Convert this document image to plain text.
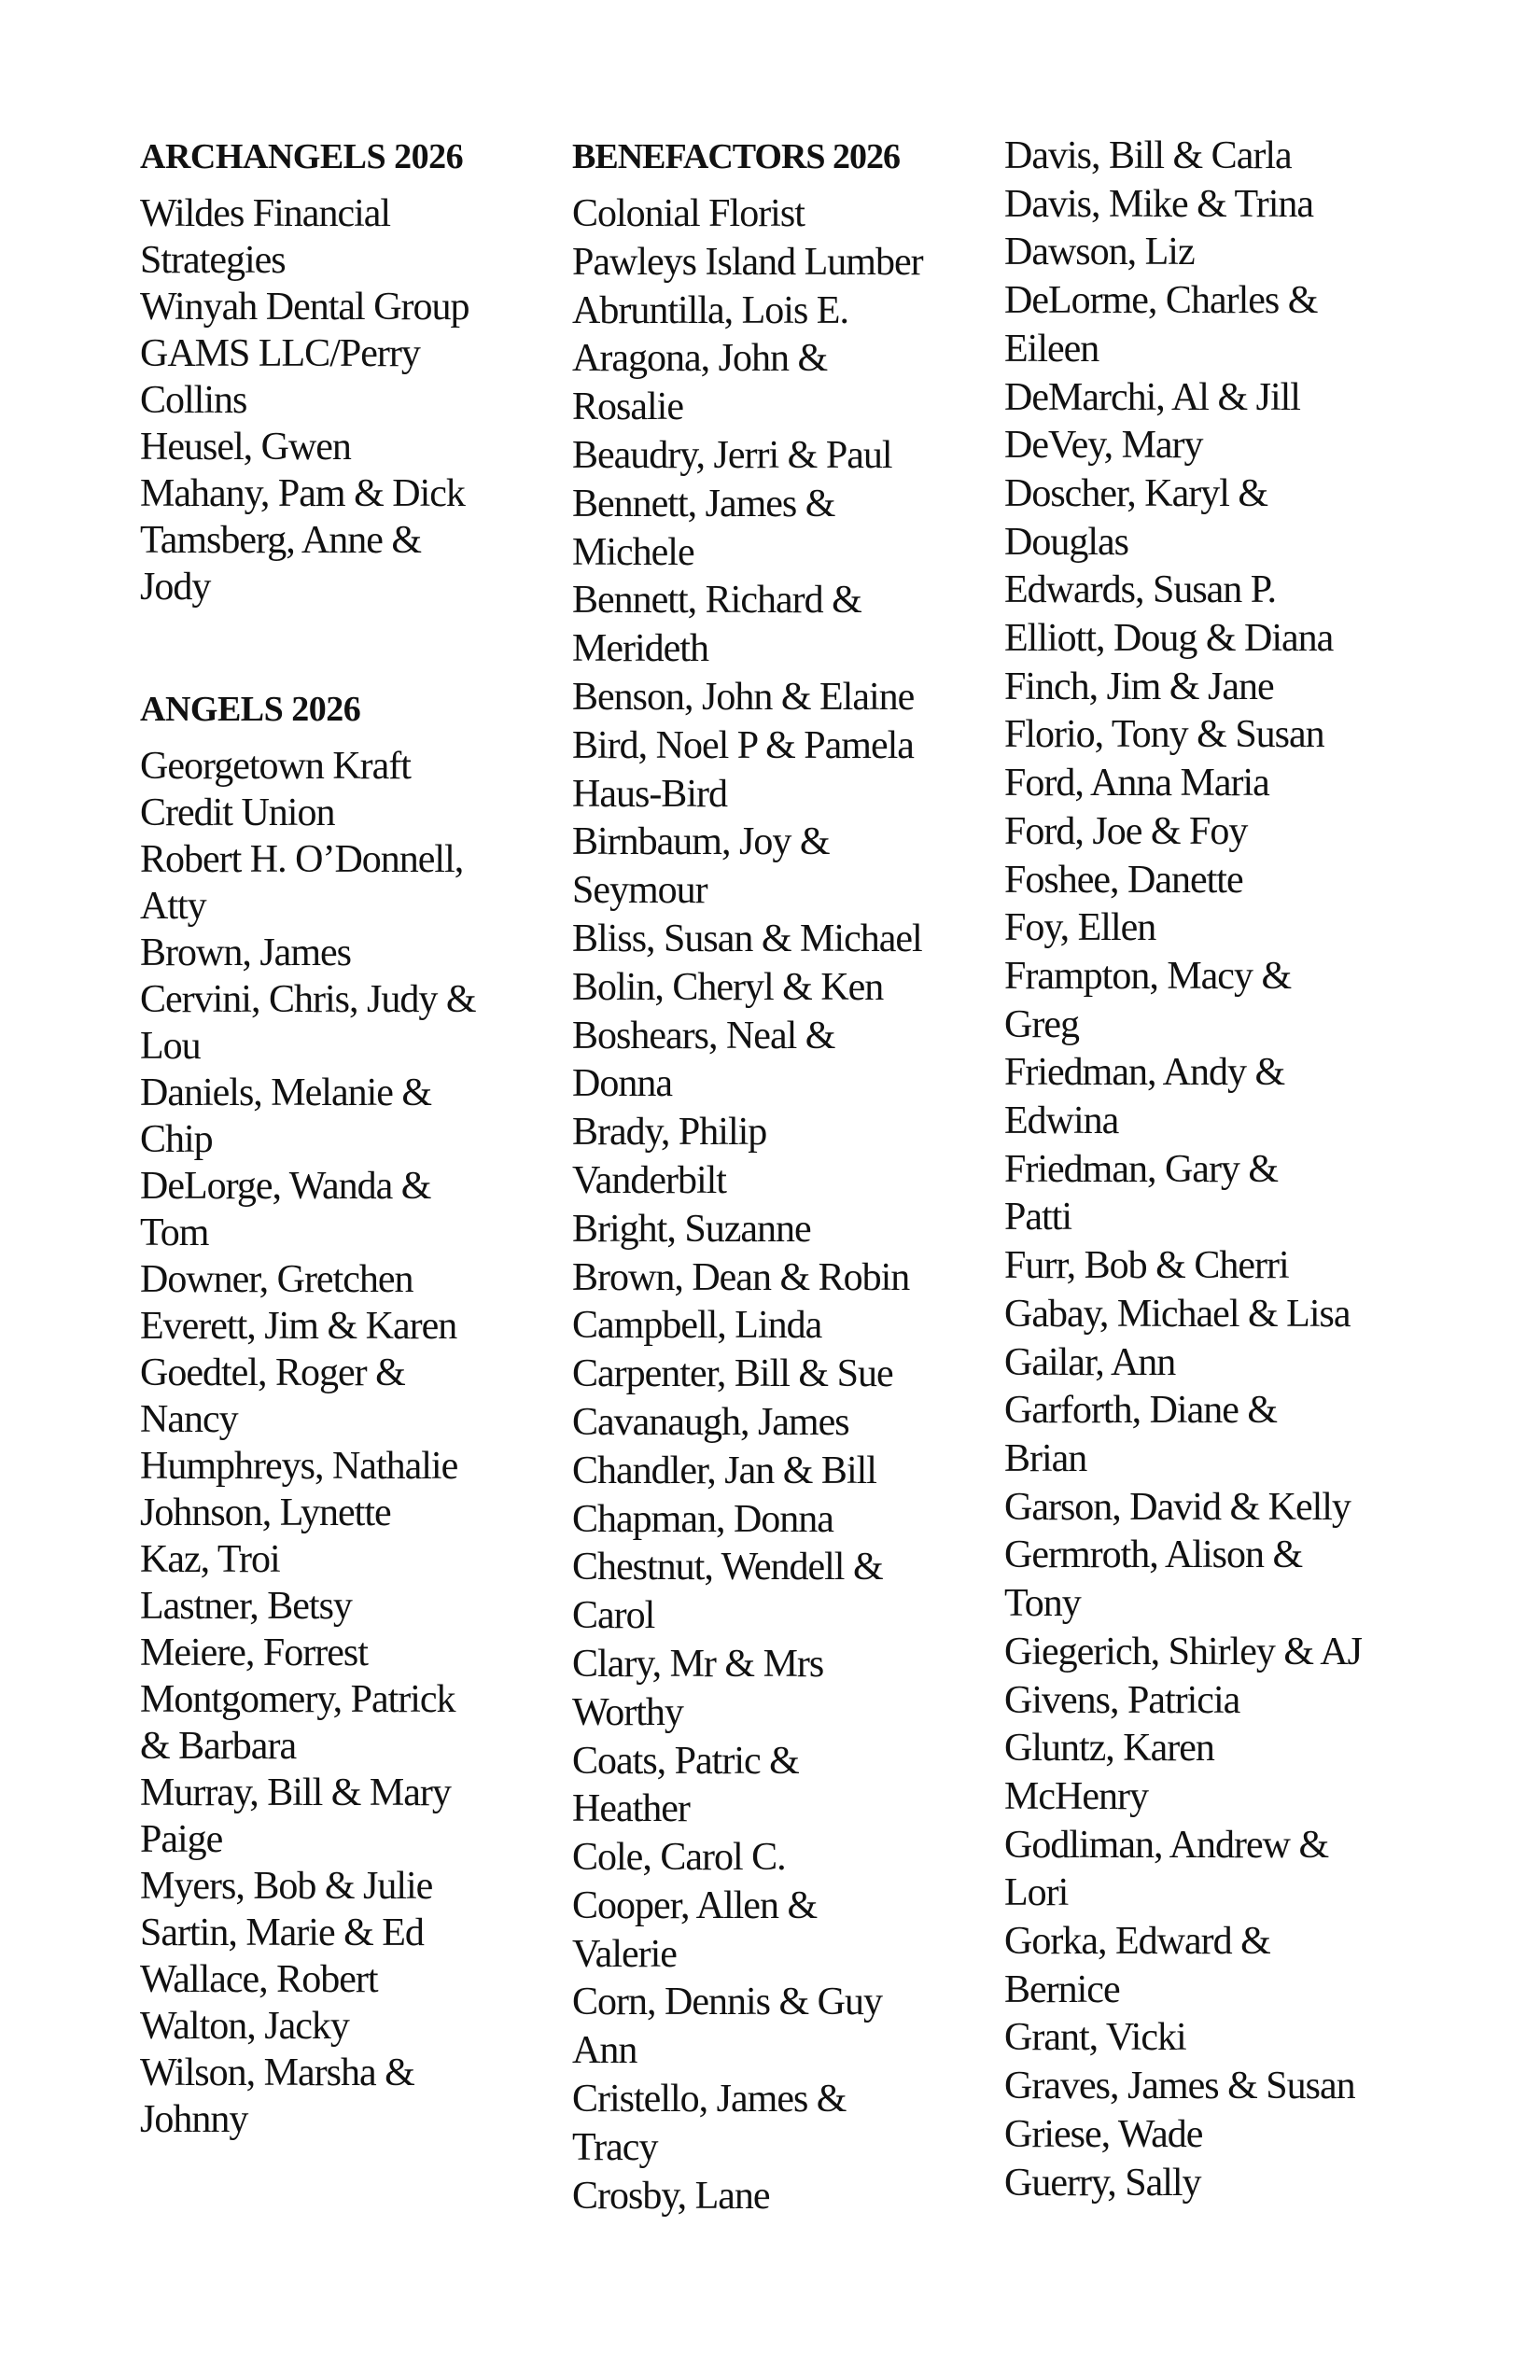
ARCHANGELS 2026
Wildes Financial
Strategies
Winyah Dental Group
GAMS LLC/Perry
Collins
Heusel, Gwen
Mahany, Pam & Dick
Tamsberg, Anne &
Jody
ANGELS 2026
Georgetown Kraft
Credit Union
Robert H. O’Donnell,
Atty
Brown, James
Cervini, Chris, Judy &
Lou
Daniels, Melanie &
Chip
DeLorge, Wanda &
Tom
Downer, Gretchen
Everett, Jim & Karen
Goedtel, Roger &
Nancy
Humphreys, Nathalie
Johnson, Lynette
Kaz, Troi
Lastner, Betsy
Meiere, Forrest
Montgomery, Patrick
& Barbara
Murray, Bill & Mary
Paige
Myers, Bob & Julie
Sartin, Marie & Ed
Wallace, Robert
Walton, Jacky
Wilson, Marsha &
Johnny
BENEFACTORS 2026
Colonial Florist
Pawleys Island Lumber
Abruntilla, Lois E.
Aragona, John &
Rosalie
Beaudry, Jerri & Paul
Bennett, James &
Michele
Bennett, Richard &
Merideth
Benson, John & Elaine
Bird, Noel P & Pamela
Haus-Bird
Birnbaum, Joy &
Seymour
Bliss, Susan & Michael
Bolin, Cheryl & Ken
Boshears, Neal &
Donna
Brady, Philip
Vanderbilt
Bright, Suzanne
Brown, Dean & Robin
Campbell, Linda
Carpenter, Bill & Sue
Cavanaugh, James
Chandler, Jan & Bill
Chapman, Donna
Chestnut, Wendell &
Carol
Clary, Mr & Mrs
Worthy
Coats, Patric &
Heather
Cole, Carol C.
Cooper, Allen &
Valerie
Corn, Dennis & Guy
Ann
Cristello, James &
Tracy
Crosby, Lane
Davis, Bill & Carla
Davis, Mike & Trina
Dawson, Liz
DeLorme, Charles &
Eileen
DeMarchi, Al & Jill
DeVey, Mary
Doscher, Karyl &
Douglas
Edwards, Susan P.
Elliott, Doug & Diana
Finch, Jim & Jane
Florio, Tony & Susan
Ford, Anna Maria
Ford, Joe & Foy
Foshee, Danette
Foy, Ellen
Frampton, Macy &
Greg
Friedman, Andy &
Edwina
Friedman, Gary &
Patti
Furr, Bob & Cherri
Gabay, Michael & Lisa
Gailar, Ann
Garforth, Diane &
Brian
Garson, David & Kelly
Germroth, Alison &
Tony
Giegerich, Shirley & AJ
Givens, Patricia
Gluntz, Karen
McHenry
Godliman, Andrew &
Lori
Gorka, Edward &
Bernice
Grant, Vicki
Graves, James & Susan
Griese, Wade
Guerry, Sally
